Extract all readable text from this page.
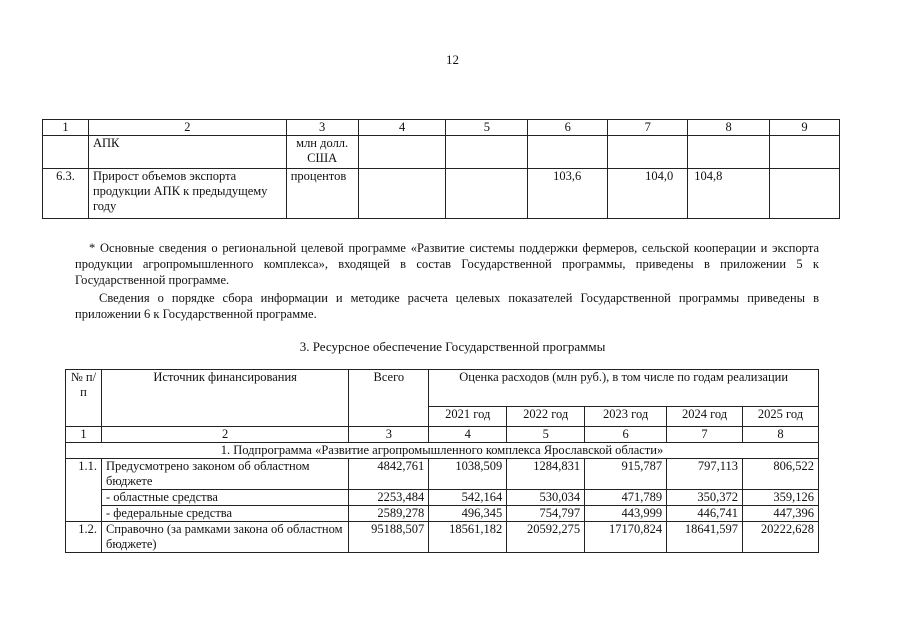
12
1	2	3	4	5	6	7	8	9
	АПК	млн долл. США						
6.3.	Прирост объемов экспорта продукции АПК к предыдущему году	процентов			103,6	104,0	104,8	
* Основные сведения о региональной целевой программе «Развитие системы поддержки фермеров, сельской кооперации и экспорта продукции агропромышленного комплекса», входящей в состав Государственной программы, приведены в приложении 5 к Государственной программе.
Сведения о порядке сбора информации и методике расчета целевых показателей Государственной программы приведены в приложении 6 к Государственной программе.
3. Ресурсное обеспечение Государственной программы
№ п/п	Источник финансирования	Всего	Оценка расходов (млн руб.), в том числе по годам реализации				
			2021 год	2022 год	2023 год	2024 год	2025 год
1	2	3	4	5	6	7	8
1. Подпрограмма «Развитие агропромышленного комплекса Ярославской области»							
1.1.	Предусмотрено законом об областном бюджете	4842,761	1038,509	1284,831	915,787	797,113	806,522
	- областные средства	2253,484	542,164	530,034	471,789	350,372	359,126
	- федеральные средства	2589,278	496,345	754,797	443,999	446,741	447,396
1.2.	Справочно (за рамками закона об областном бюджете)	95188,507	18561,182	20592,275	17170,824	18641,597	20222,628
